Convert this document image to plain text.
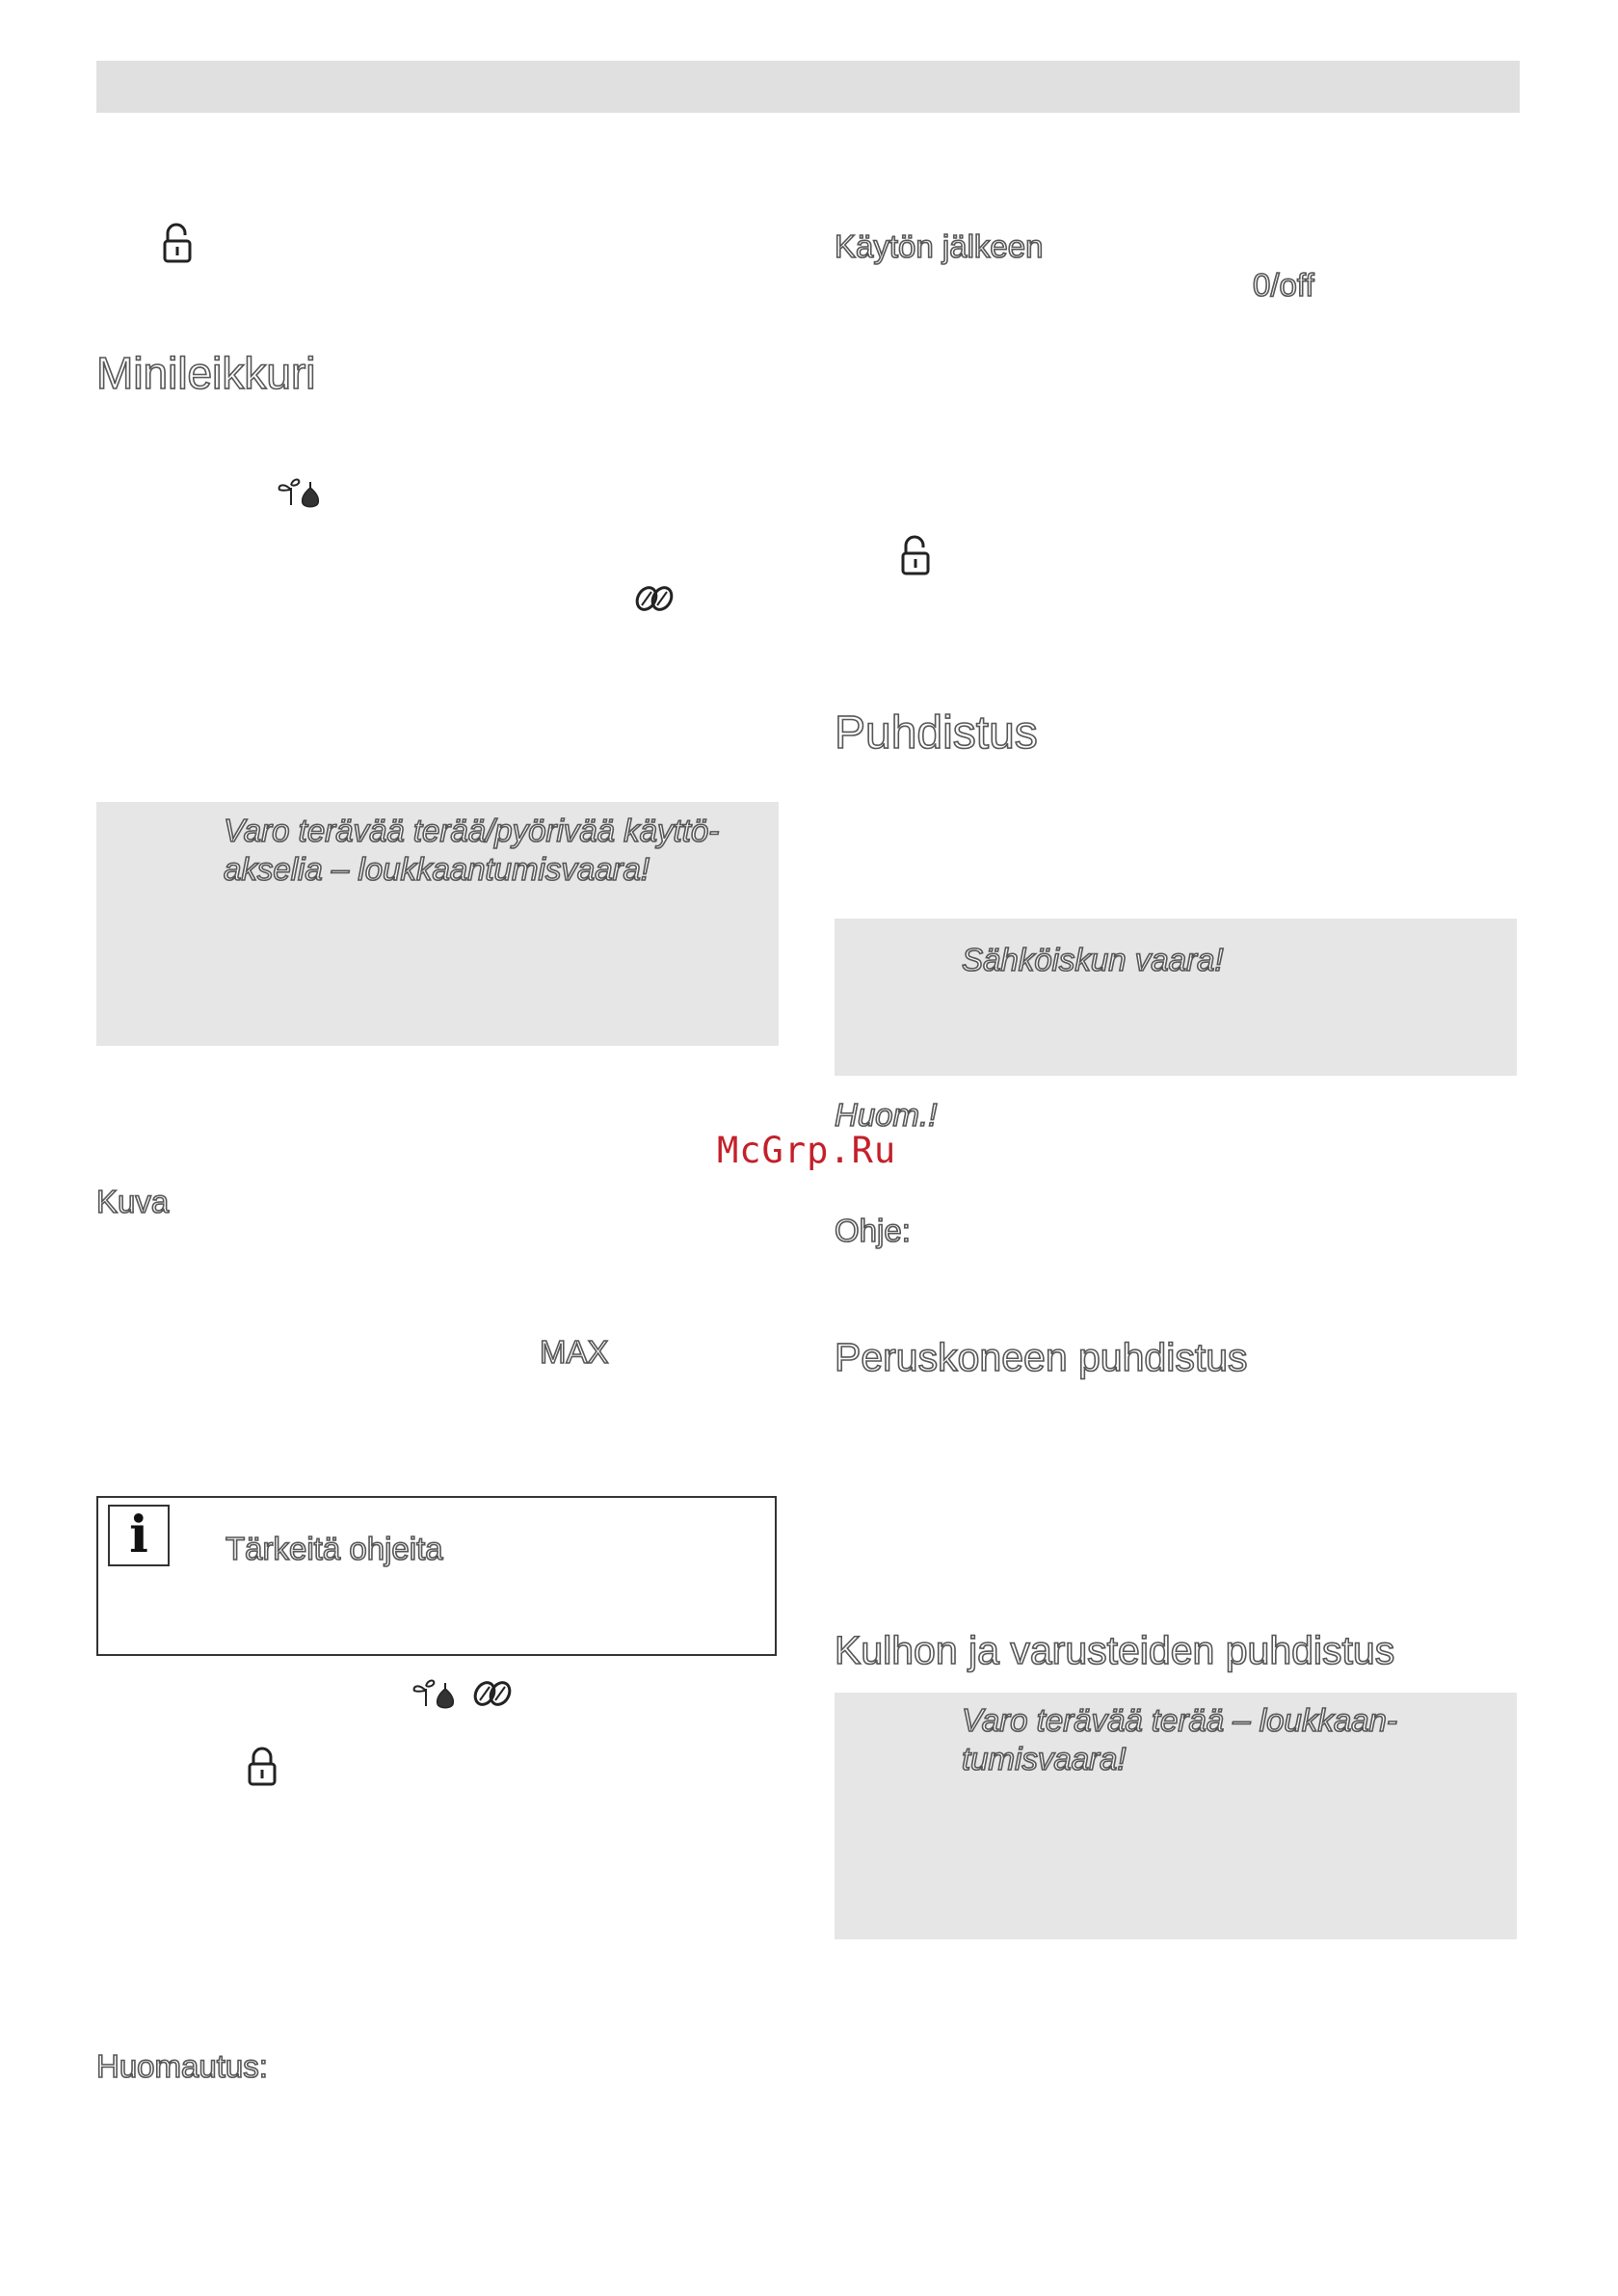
Minileikkuri
Varo terävää terää/pyörivää käyttö-
akselia – loukkaantumisvaara!
Kuva
MAX
i	Tärkeitä ohjeita
Huomautus:
Käytön jälkeen
0/off
Puhdistus
Sähköiskun vaara!
Huom.!
McGrp.Ru
Ohje:
Peruskoneen puhdistus
Kulhon ja varusteiden puhdistus
Varo terävää terää – loukkaan-
tumisvaara!
